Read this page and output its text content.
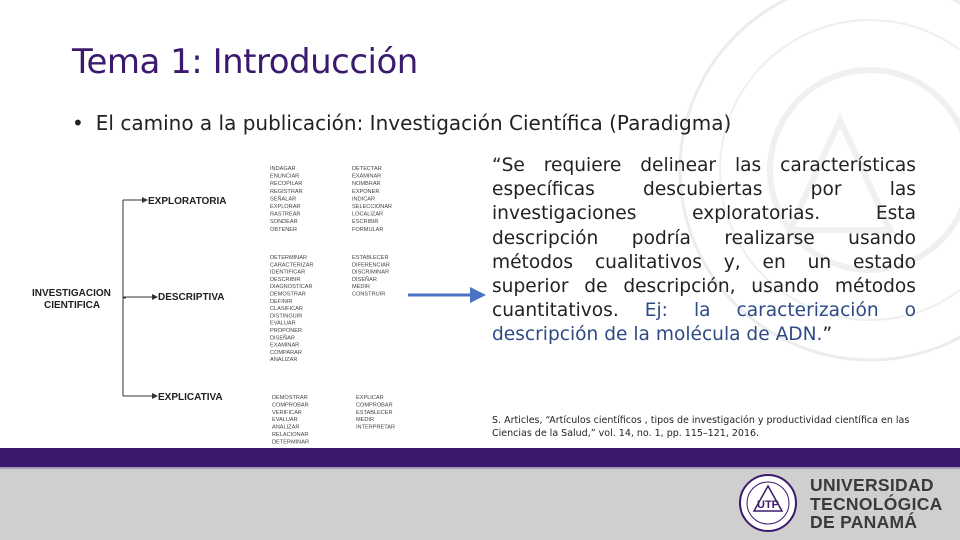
Tema 1: Introducción
• El camino a la publicación: Investigación Científica (Paradigma)
INVESTIGACION
CIENTIFICA
EXPLORATORIA
DESCRIPTIVA
EXPLICATIVA
INDAGAR
ENUNCIAR
RECOPILAR
REGISTRAR
SEÑALAR
EXPLORAR
RASTREAR
SONDEAR
OBTENER
DETECTAR
EXAMINAR
NOMBRAR
EXPONER
INDICAR
SELECCIONAR
LOCALIZAR
ESCRIBIR
FORMULAR
DETERMINAR
CARACTERIZAR
IDENTIFICAR
DESCRIBIR
DIAGNOSTICAR
DEMOSTRAR
DEFINIR
CLASIFICAR
DISTINGUIR
EVALUAR
PROPONER
DISEÑAR
EXAMINAR
COMPARAR
ANALIZAR
ESTABLECER
DIFERENCIAR
DISCRIMINAR
DISEÑAR
MEDIR
CONSTRUIR
DEMOSTRAR
COMPROBAR
VERIFICAR
EVALUAR
ANALIZAR
RELACIONAR
DETERMINAR
EXPLICAR
COMPROBAR
ESTABLECER
MEDIR
INTERPRETAR
“Se requiere delinear las características específicas descubiertas por las investigaciones exploratorias. Esta descripción podría realizarse usando métodos cualitativos y, en un estado superior de descripción, usando métodos cuantitativos. Ej: la caracterización o descripción de la molécula de ADN.”
S. Articles, “Artículos científicos , tipos de investigación y productividad científica en las Ciencias de la Salud,” vol. 14, no. 1, pp. 115–121, 2016.
UTP
UNIVERSIDAD
TECNOLÓGICA
DE PANAMÁ
